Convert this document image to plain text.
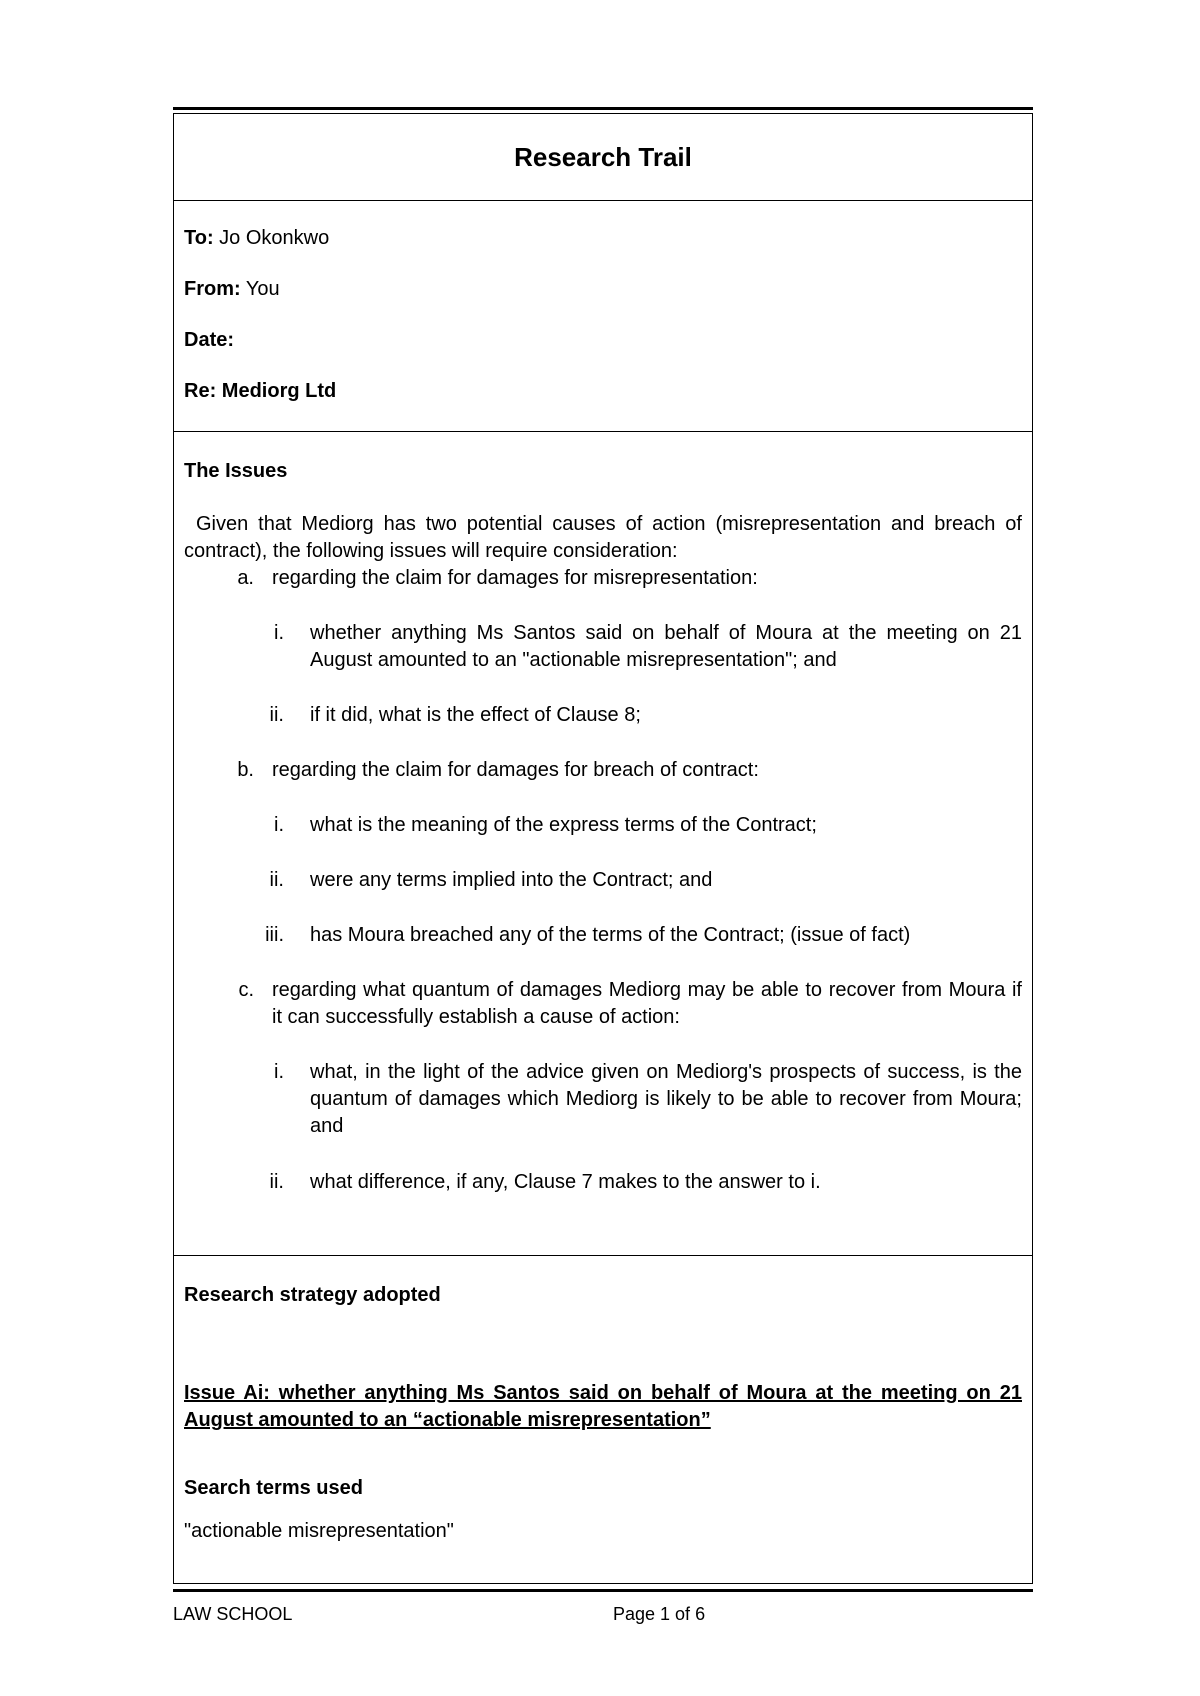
Research Trail
To: Jo Okonkwo
From: You
Date:
Re: Mediorg Ltd
The Issues
Given that Mediorg has two potential causes of action (misrepresentation and breach of contract), the following issues will require consideration:
a. regarding the claim for damages for misrepresentation:
i. whether anything Ms Santos said on behalf of Moura at the meeting on 21 August amounted to an "actionable misrepresentation"; and
ii. if it did, what is the effect of Clause 8;
b. regarding the claim for damages for breach of contract:
i. what is the meaning of the express terms of the Contract;
ii. were any terms implied into the Contract; and
iii. has Moura breached any of the terms of the Contract; (issue of fact)
c. regarding what quantum of damages Mediorg may be able to recover from Moura if it can successfully establish a cause of action:
i. what, in the light of the advice given on Mediorg's prospects of success, is the quantum of damages which Mediorg is likely to be able to recover from Moura; and
ii. what difference, if any, Clause 7 makes to the answer to i.
Research strategy adopted
Issue Ai: whether anything Ms Santos said on behalf of Moura at the meeting on 21 August amounted to an “actionable misrepresentation”
Search terms used
"actionable misrepresentation"
LAW SCHOOL	Page 1 of 6
